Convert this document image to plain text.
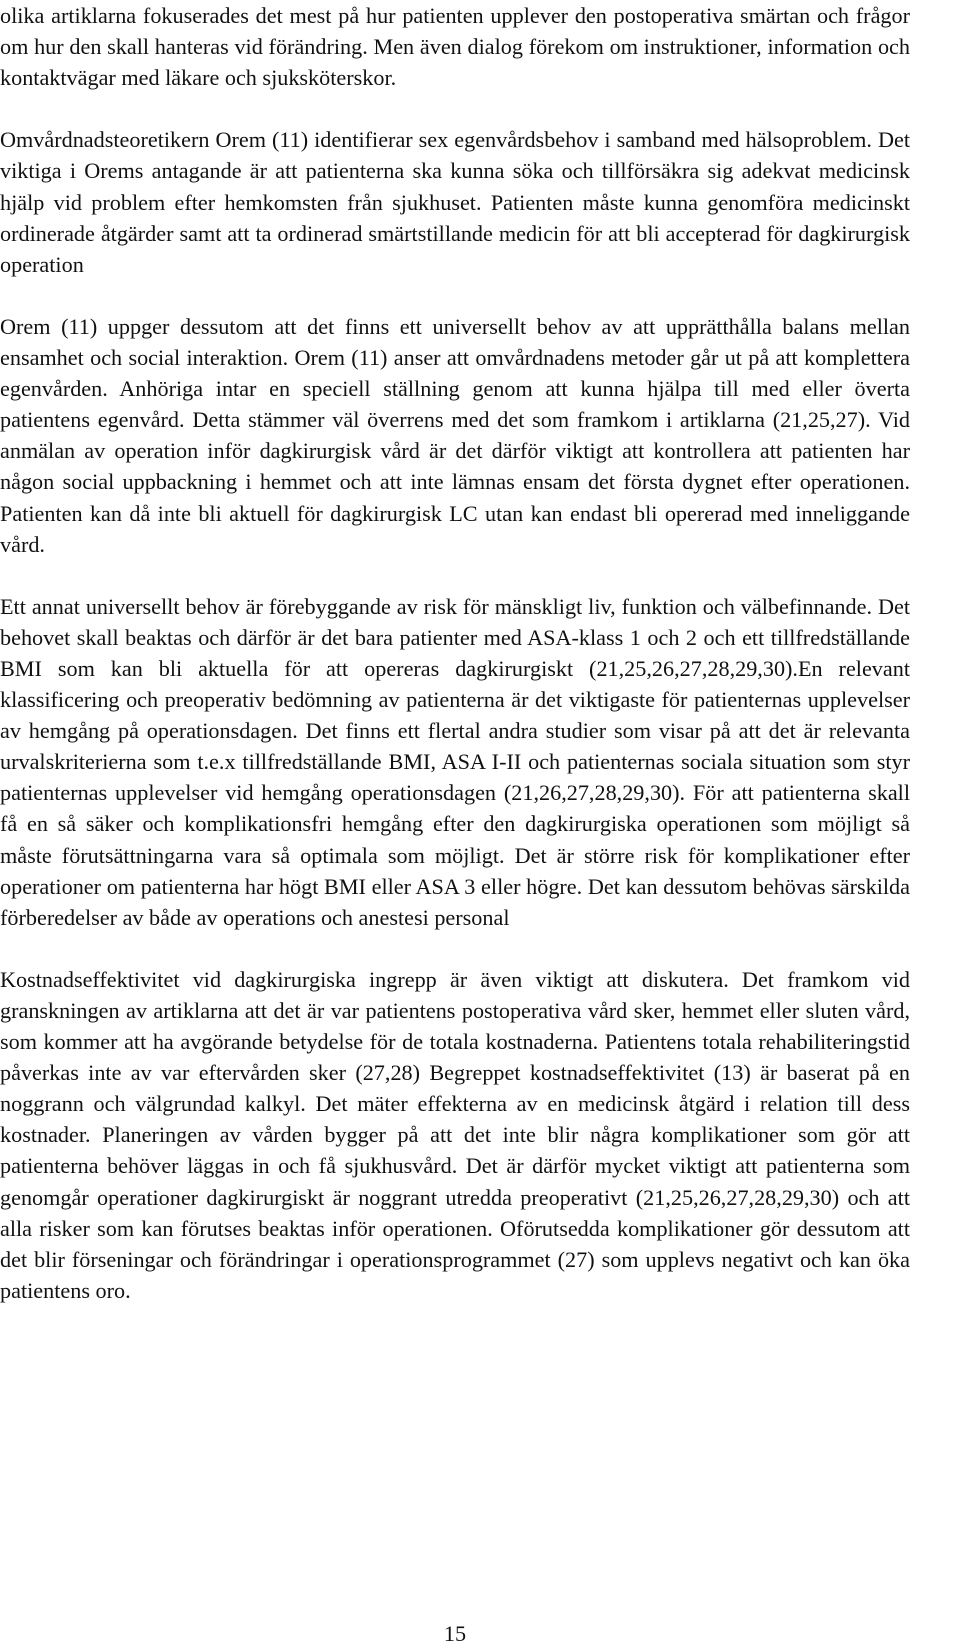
olika artiklarna fokuserades det mest på hur patienten upplever den postoperativa smärtan och frågor om hur den skall hanteras vid förändring. Men även dialog förekom om instruktioner, information och kontaktvägar med läkare och sjuksköterskor.

Omvårdnadsteoretikern Orem (11) identifierar sex egenvårdsbehov i samband med hälsoproblem. Det viktiga i Orems antagande är att patienterna ska kunna söka och tillförsäkra sig adekvat medicinsk hjälp vid problem efter hemkomsten från sjukhuset. Patienten måste kunna genomföra medicinskt ordinerade åtgärder samt att ta ordinerad smärtstillande medicin för att bli accepterad för dagkirurgisk operation

Orem (11) uppger dessutom att det finns ett universellt behov av att upprätthålla balans mellan ensamhet och social interaktion. Orem (11) anser att omvårdnadens metoder går ut på att komplettera egenvården. Anhöriga intar en speciell ställning genom att kunna hjälpa till med eller överta patientens egenvård. Detta stämmer väl överrens med det som framkom i artiklarna (21,25,27). Vid anmälan av operation inför dagkirurgisk vård är det därför viktigt att kontrollera att patienten har någon social uppbackning i hemmet och att inte lämnas ensam det första dygnet efter operationen. Patienten kan då inte bli aktuell för dagkirurgisk LC utan kan endast bli opererad med inneliggande vård.

Ett annat universellt behov är förebyggande av risk för mänskligt liv, funktion och välbefinnande. Det behovet skall beaktas och därför är det bara patienter med ASA-klass 1 och 2 och ett tillfredställande BMI som kan bli aktuella för att opereras dagkirurgiskt (21,25,26,27,28,29,30).En relevant klassificering och preoperativ bedömning av patienterna är det viktigaste för patienternas upplevelser av hemgång på operationsdagen. Det finns ett flertal andra studier som visar på att det är relevanta urvalskriterierna som t.e.x tillfredställande BMI, ASA I-II och patienternas sociala situation som styr patienternas upplevelser vid hemgång operationsdagen (21,26,27,28,29,30). För att patienterna skall få en så säker och komplikationsfri hemgång efter den dagkirurgiska operationen som möjligt så måste förutsättningarna vara så optimala som möjligt. Det är större risk för komplikationer efter operationer om patienterna har högt BMI eller ASA 3 eller högre. Det kan dessutom behövas särskilda förberedelser av både av operations och anestesi personal

Kostnadseffektivitet vid dagkirurgiska ingrepp är även viktigt att diskutera. Det framkom vid granskningen av artiklarna att det är var patientens postoperativa vård sker, hemmet eller sluten vård, som kommer att ha avgörande betydelse för de totala kostnaderna. Patientens totala rehabiliteringstid påverkas inte av var eftervården sker (27,28) Begreppet kostnadseffektivitet (13) är baserat på en noggrann och välgrundad kalkyl. Det mäter effekterna av en medicinsk åtgärd i relation till dess kostnader. Planeringen av vården bygger på att det inte blir några komplikationer som gör att patienterna behöver läggas in och få sjukhusvård. Det är därför mycket viktigt att patienterna som genomgår operationer dagkirurgiskt är noggrant utredda preoperativt (21,25,26,27,28,29,30) och att alla risker som kan förutses beaktas inför operationen. Oförutsedda komplikationer gör dessutom att det blir förseningar och förändringar i operationsprogrammet (27) som upplevs negativt och kan öka patientens oro.

15
